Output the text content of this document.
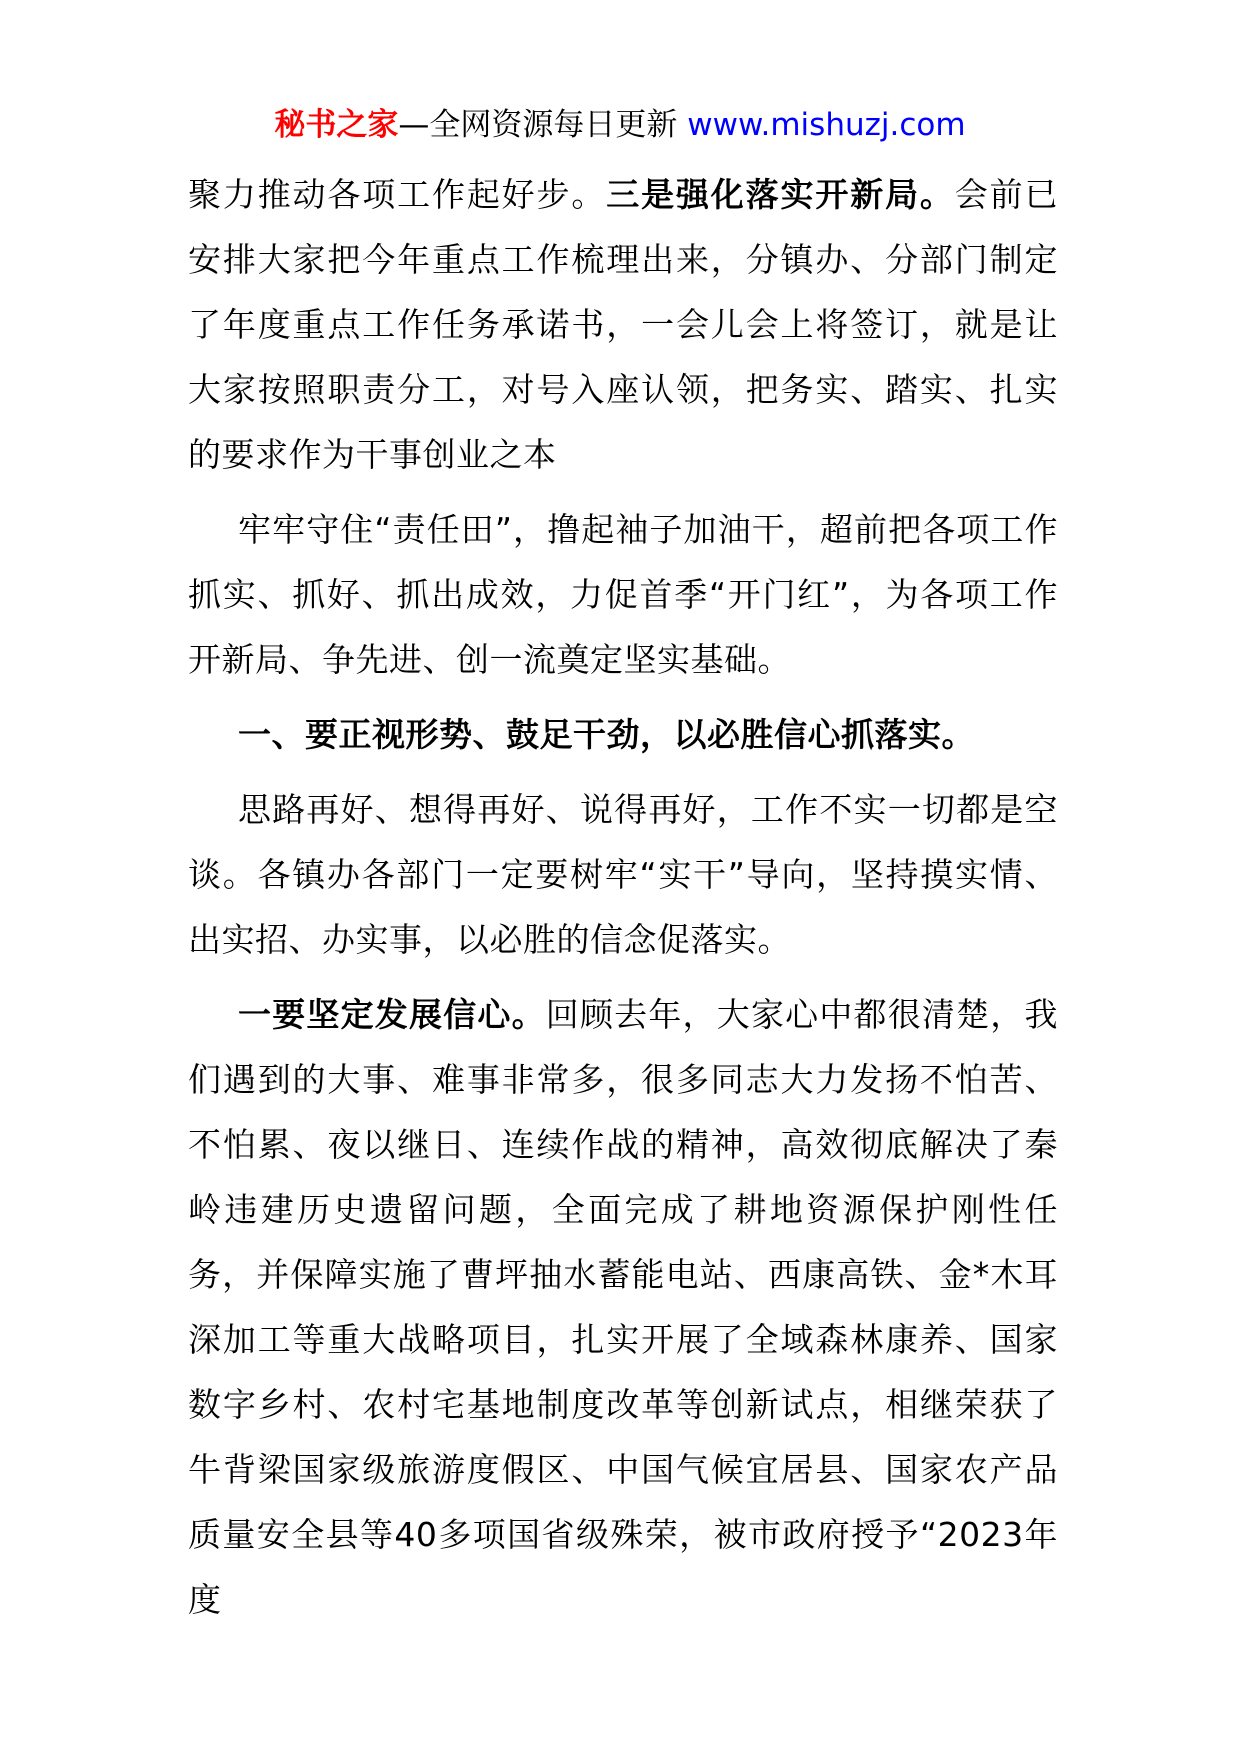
秘书之家—全网资源每日更新 www.mishuzj.com

聚力推动各项工作起好步。三是强化落实开新局。会前已安排大家把今年重点工作梳理出来，分镇办、分部门制定了年度重点工作任务承诺书，一会儿会上将签订，就是让大家按照职责分工，对号入座认领，把务实、踏实、扎实的要求作为干事创业之本

牢牢守住“责任田”，撸起袖子加油干，超前把各项工作抓实、抓好、抓出成效，力促首季“开门红”，为各项工作开新局、争先进、创一流奠定坚实基础。

一、要正视形势、鼓足干劲，以必胜信心抓落实。

思路再好、想得再好、说得再好，工作不实一切都是空谈。各镇办各部门一定要树牢“实干”导向，坚持摸实情、出实招、办实事，以必胜的信念促落实。

一要坚定发展信心。回顾去年，大家心中都很清楚，我们遇到的大事、难事非常多，很多同志大力发扬不怕苦、不怕累、夜以继日、连续作战的精神，高效彻底解决了秦岭违建历史遗留问题，全面完成了耕地资源保护刚性任务，并保障实施了曹坪抽水蓄能电站、西康高铁、金*木耳深加工等重大战略项目，扎实开展了全域森林康养、国家数字乡村、农村宅基地制度改革等创新试点，相继荣获了牛背梁国家级旅游度假区、中国气候宜居县、国家农产品质量安全县等40多项国省级殊荣，被市政府授予“2023年度
